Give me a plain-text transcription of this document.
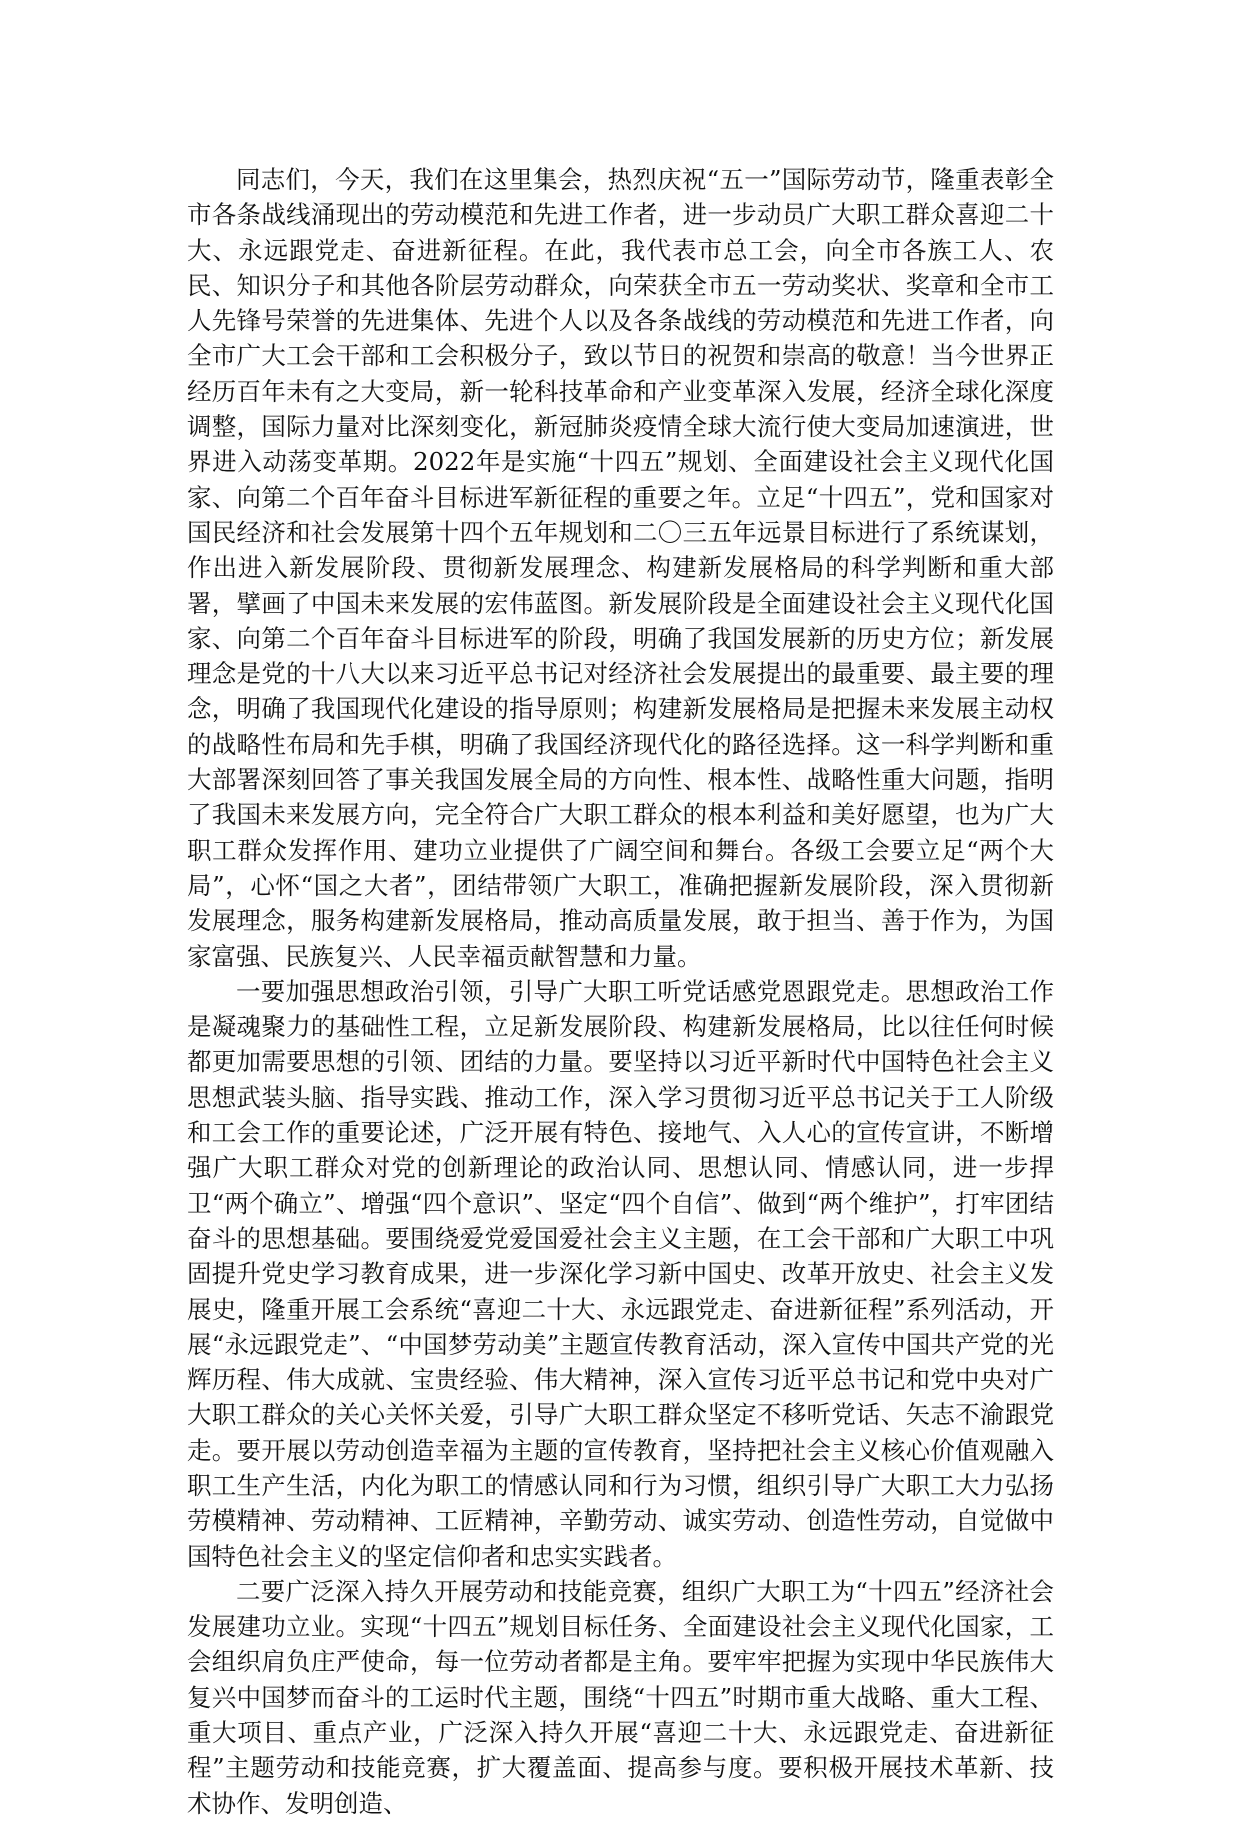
同志们，今天，我们在这里集会，热烈庆祝“五一”国际劳动节，隆重表彰全市各条战线涌现出的劳动模范和先进工作者，进一步动员广大职工群众喜迎二十大、永远跟党走、奋进新征程。在此，我代表市总工会，向全市各族工人、农民、知识分子和其他各阶层劳动群众，向荣获全市五一劳动奖状、奖章和全市工人先锋号荣誉的先进集体、先进个人以及各条战线的劳动模范和先进工作者，向全市广大工会干部和工会积极分子，致以节日的祝贺和崇高的敬意！当今世界正经历百年未有之大变局，新一轮科技革命和产业变革深入发展，经济全球化深度调整，国际力量对比深刻变化，新冠肺炎疫情全球大流行使大变局加速演进，世界进入动荡变革期。2022年是实施“十四五”规划、全面建设社会主义现代化国家、向第二个百年奋斗目标进军新征程的重要之年。立足“十四五”，党和国家对国民经济和社会发展第十四个五年规划和二〇三五年远景目标进行了系统谋划，作出进入新发展阶段、贯彻新发展理念、构建新发展格局的科学判断和重大部署，擘画了中国未来发展的宏伟蓝图。新发展阶段是全面建设社会主义现代化国家、向第二个百年奋斗目标进军的阶段，明确了我国发展新的历史方位；新发展理念是党的十八大以来习近平总书记对经济社会发展提出的最重要、最主要的理念，明确了我国现代化建设的指导原则；构建新发展格局是把握未来发展主动权的战略性布局和先手棋，明确了我国经济现代化的路径选择。这一科学判断和重大部署深刻回答了事关我国发展全局的方向性、根本性、战略性重大问题，指明了我国未来发展方向，完全符合广大职工群众的根本利益和美好愿望，也为广大职工群众发挥作用、建功立业提供了广阔空间和舞台。各级工会要立足“两个大局”，心怀“国之大者”，团结带领广大职工，准确把握新发展阶段，深入贯彻新发展理念，服务构建新发展格局，推动高质量发展，敢于担当、善于作为，为国家富强、民族复兴、人民幸福贡献智慧和力量。

一要加强思想政治引领，引导广大职工听党话感党恩跟党走。思想政治工作是凝魂聚力的基础性工程，立足新发展阶段、构建新发展格局，比以往任何时候都更加需要思想的引领、团结的力量。要坚持以习近平新时代中国特色社会主义思想武装头脑、指导实践、推动工作，深入学习贯彻习近平总书记关于工人阶级和工会工作的重要论述，广泛开展有特色、接地气、入人心的宣传宣讲，不断增强广大职工群众对党的创新理论的政治认同、思想认同、情感认同，进一步捍卫“两个确立”、增强“四个意识”、坚定“四个自信”、做到“两个维护”，打牢团结奋斗的思想基础。要围绕爱党爱国爱社会主义主题，在工会干部和广大职工中巩固提升党史学习教育成果，进一步深化学习新中国史、改革开放史、社会主义发展史，隆重开展工会系统“喜迎二十大、永远跟党走、奋进新征程”系列活动，开展“永远跟党走”、“中国梦劳动美”主题宣传教育活动，深入宣传中国共产党的光辉历程、伟大成就、宝贵经验、伟大精神，深入宣传习近平总书记和党中央对广大职工群众的关心关怀关爱，引导广大职工群众坚定不移听党话、矢志不渝跟党走。要开展以劳动创造幸福为主题的宣传教育，坚持把社会主义核心价值观融入职工生产生活，内化为职工的情感认同和行为习惯，组织引导广大职工大力弘扬劳模精神、劳动精神、工匠精神，辛勤劳动、诚实劳动、创造性劳动，自觉做中国特色社会主义的坚定信仰者和忠实实践者。

二要广泛深入持久开展劳动和技能竞赛，组织广大职工为“十四五”经济社会发展建功立业。实现“十四五”规划目标任务、全面建设社会主义现代化国家，工会组织肩负庄严使命，每一位劳动者都是主角。要牢牢把握为实现中华民族伟大复兴中国梦而奋斗的工运时代主题，围绕“十四五”时期市重大战略、重大工程、重大项目、重点产业，广泛深入持久开展“喜迎二十大、永远跟党走、奋进新征程”主题劳动和技能竞赛，扩大覆盖面、提高参与度。要积极开展技术革新、技术协作、发明创造、
